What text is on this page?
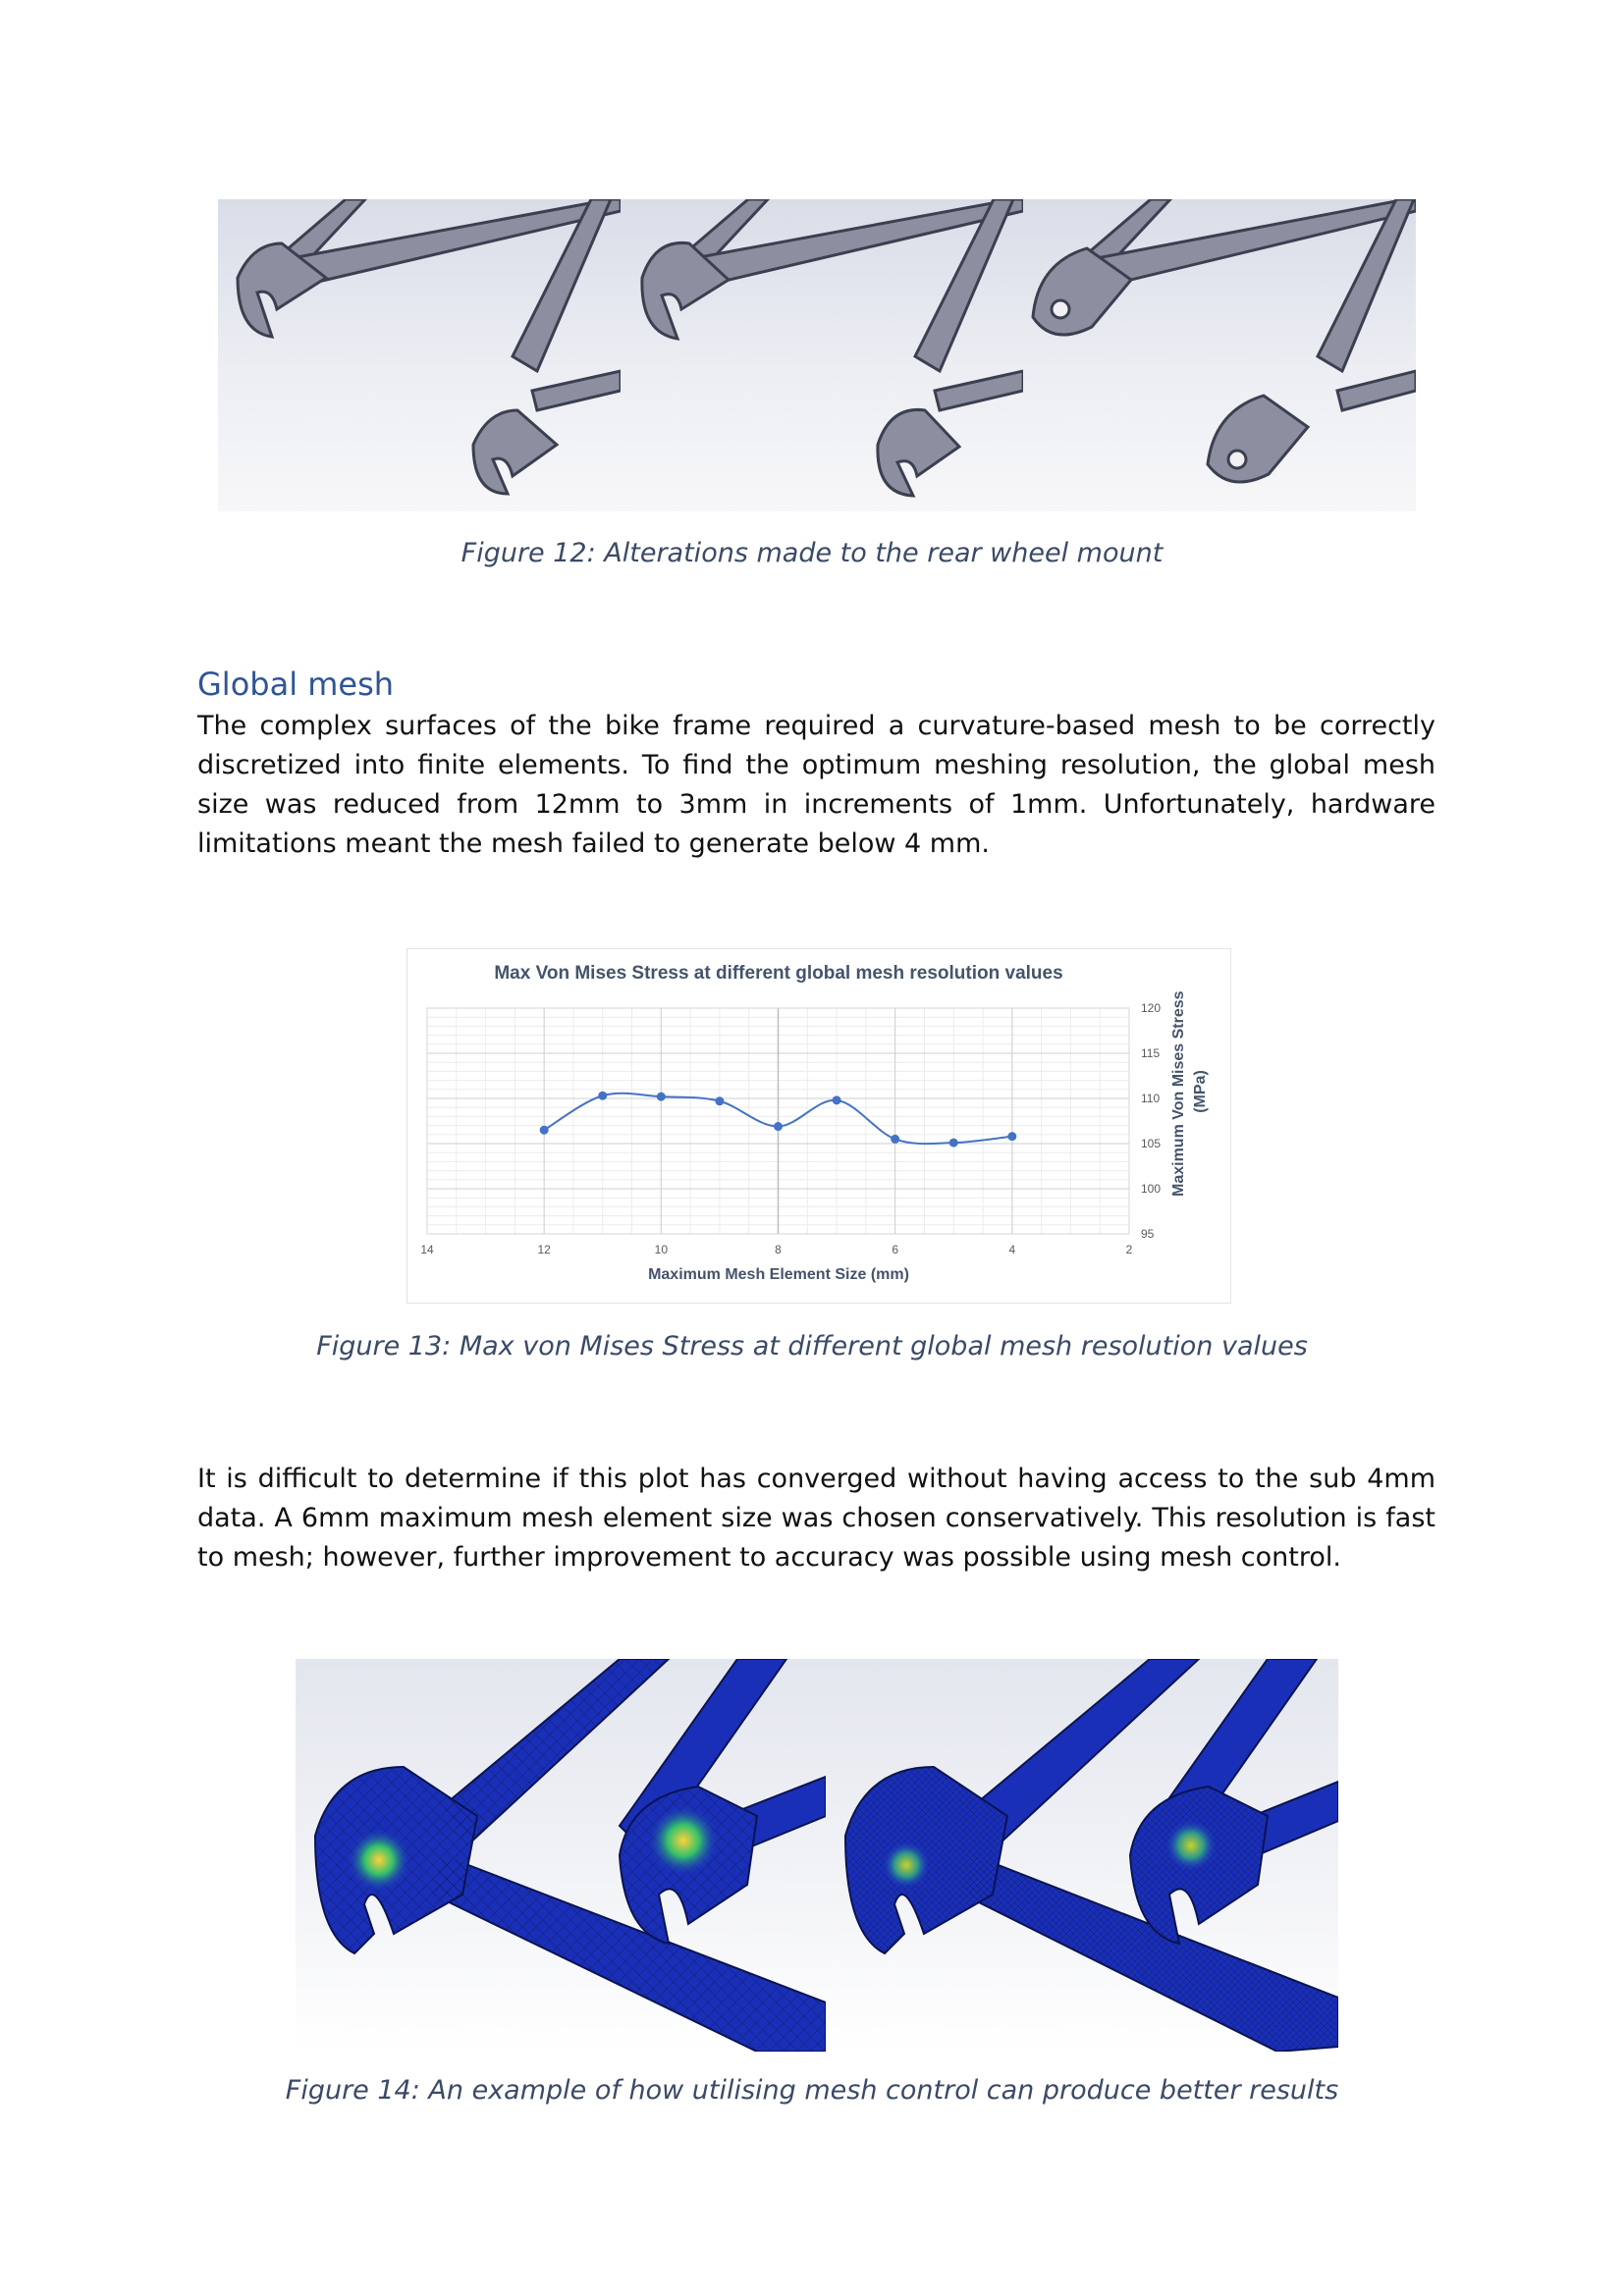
Figure 12: Alterations made to the rear wheel mount
Global mesh
The complex surfaces of the bike frame required a curvature-based mesh to be correctly discretized into finite elements. To find the optimum meshing resolution, the global mesh size was reduced from 12mm to 3mm in increments of 1mm. Unfortunately, hardware limitations meant the mesh failed to generate below 4 mm.
Max Von Mises Stress at different global mesh resolution values
14	12	10	8	6	4	2
95
100
105
110
115
120
Maximum Mesh Element Size (mm)
Maximum Von Mises Stress (MPa)
Figure 13: Max von Mises Stress at different global mesh resolution values
It is difficult to determine if this plot has converged without having access to the sub 4mm data. A 6mm maximum mesh element size was chosen conservatively. This resolution is fast to mesh; however, further improvement to accuracy was possible using mesh control.
Figure 14: An example of how utilising mesh control can produce better results
